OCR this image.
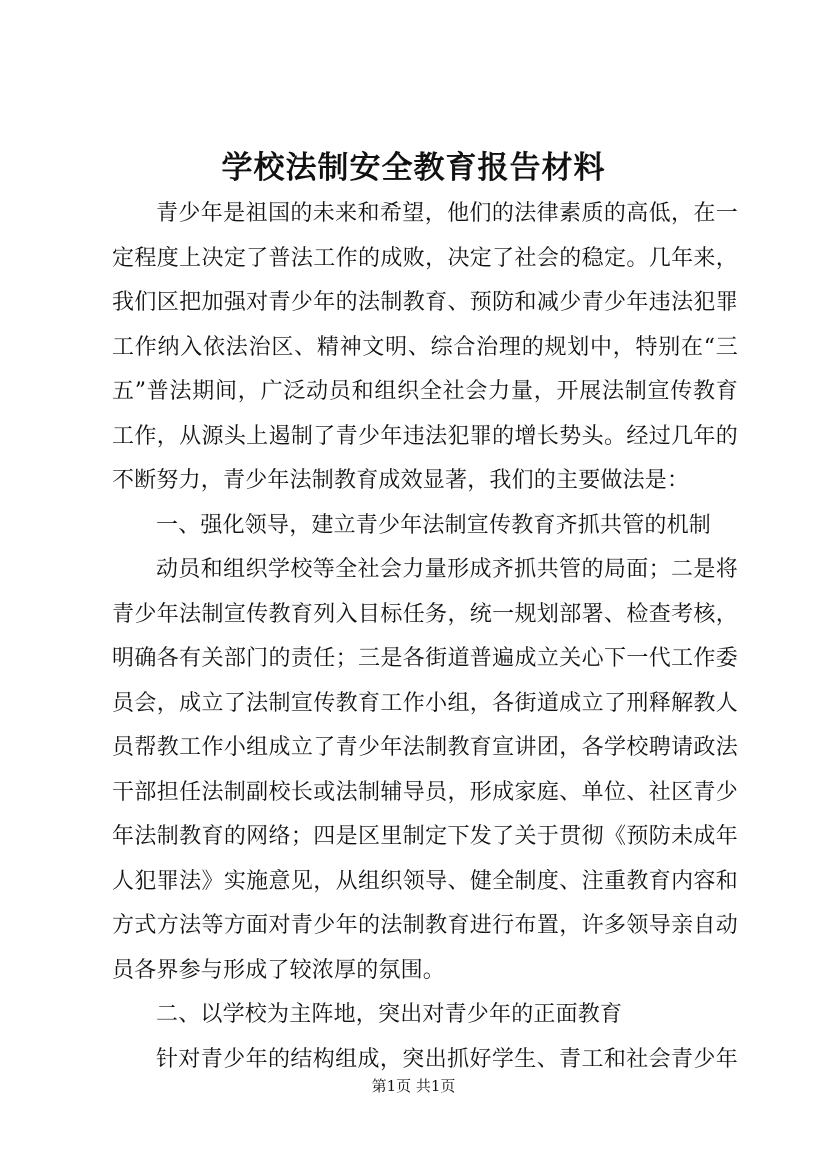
学校法制安全教育报告材料
青少年是祖国的未来和希望，他们的法律素质的高低，在一
定程度上决定了普法工作的成败，决定了社会的稳定。几年来，
我们区把加强对青少年的法制教育、预防和减少青少年违法犯罪
工作纳入依法治区、精神文明、综合治理的规划中，特别在“三
五”普法期间，广泛动员和组织全社会力量，开展法制宣传教育
工作，从源头上遏制了青少年违法犯罪的增长势头。经过几年的
不断努力，青少年法制教育成效显著，我们的主要做法是：
一、强化领导，建立青少年法制宣传教育齐抓共管的机制
动员和组织学校等全社会力量形成齐抓共管的局面；二是将
青少年法制宣传教育列入目标任务，统一规划部署、检查考核，
明确各有关部门的责任；三是各街道普遍成立关心下一代工作委
员会，成立了法制宣传教育工作小组，各街道成立了刑释解教人
员帮教工作小组成立了青少年法制教育宣讲团，各学校聘请政法
干部担任法制副校长或法制辅导员，形成家庭、单位、社区青少
年法制教育的网络；四是区里制定下发了关于贯彻《预防未成年
人犯罪法》实施意见，从组织领导、健全制度、注重教育内容和
方式方法等方面对青少年的法制教育进行布置，许多领导亲自动
员各界参与形成了较浓厚的氛围。
二、以学校为主阵地，突出对青少年的正面教育
针对青少年的结构组成，突出抓好学生、青工和社会青少年
第1页 共1页
